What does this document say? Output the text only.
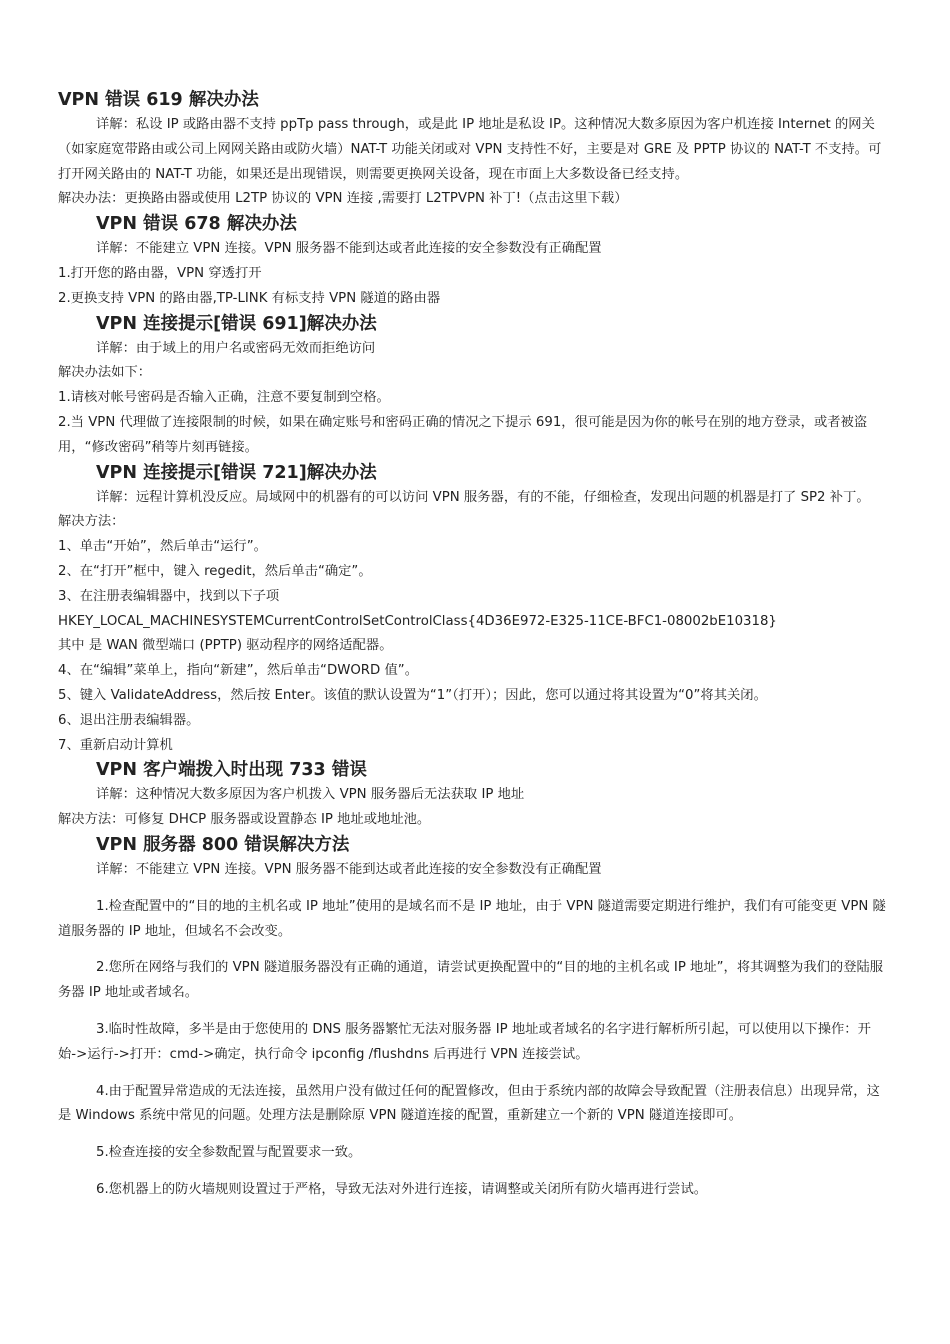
VPN 错误 619 解决办法

详解：私设 IP 或路由器不支持 ppTp pass through，或是此 IP 地址是私设 IP。这种情况大数多原因为客户机连接 Internet 的网关（如家庭宽带路由或公司上网网关路由或防火墙）NAT-T 功能关闭或对 VPN 支持性不好，主要是对 GRE 及 PPTP 协议的 NAT-T 不支持。可打开网关路由的 NAT-T 功能，如果还是出现错误，则需要更换网关设备，现在市面上大多数设备已经支持。

解决办法：更换路由器或使用 L2TP 协议的 VPN 连接 ,需要打 L2TPVPN 补丁!（点击这里下载）

VPN 错误 678 解决办法

详解：不能建立 VPN 连接。VPN 服务器不能到达或者此连接的安全参数没有正确配置

1.打开您的路由器，VPN 穿透打开

2.更换支持 VPN 的路由器,TP-LINK 有标支持 VPN 隧道的路由器

VPN 连接提示[错误 691]解决办法

详解：由于域上的用户名或密码无效而拒绝访问

解决办法如下：

1.请核对帐号密码是否输入正确，注意不要复制到空格。

2.当 VPN 代理做了连接限制的时候，如果在确定账号和密码正确的情况之下提示 691，很可能是因为你的帐号在别的地方登录，或者被盗用，“修改密码”稍等片刻再链接。

VPN 连接提示[错误 721]解决办法

详解：远程计算机没反应。局域网中的机器有的可以访问 VPN 服务器，有的不能，仔细检查，发现出问题的机器是打了 SP2 补丁。

解决方法：

1、单击“开始”，然后单击“运行”。

2、在“打开”框中，键入 regedit，然后单击“确定”。

3、在注册表编辑器中，找到以下子项

HKEY_LOCAL_MACHINESYSTEMCurrentControlSetControlClass{4D36E972-E325-11CE-BFC1-08002bE10318}

其中 是 WAN 微型端口 (PPTP) 驱动程序的网络适配器。

4、在“编辑”菜单上，指向“新建”，然后单击“DWORD 值”。

5、键入 ValidateAddress，然后按 Enter。该值的默认设置为“1”（打开）；因此，您可以通过将其设置为“0”将其关闭。

6、退出注册表编辑器。

7、重新启动计算机

VPN 客户端拨入时出现 733 错误

详解：这种情况大数多原因为客户机拨入 VPN 服务器后无法获取 IP 地址

解决方法：可修复 DHCP 服务器或设置静态 IP 地址或地址池。

VPN 服务器 800 错误解决方法

详解：不能建立 VPN 连接。VPN 服务器不能到达或者此连接的安全参数没有正确配置

1.检查配置中的“目的地的主机名或 IP 地址”使用的是域名而不是 IP 地址，由于 VPN 隧道需要定期进行维护，我们有可能变更 VPN 隧道服务器的 IP 地址，但域名不会改变。

2.您所在网络与我们的 VPN 隧道服务器没有正确的通道，请尝试更换配置中的“目的地的主机名或 IP 地址”，将其调整为我们的登陆服务器 IP 地址或者域名。

3.临时性故障，多半是由于您使用的 DNS 服务器繁忙无法对服务器 IP 地址或者域名的名字进行解析所引起，可以使用以下操作：开始->运行->打开：cmd->确定，执行命令 ipconfig /flushdns 后再进行 VPN 连接尝试。

4.由于配置异常造成的无法连接，虽然用户没有做过任何的配置修改，但由于系统内部的故障会导致配置（注册表信息）出现异常，这是 Windows 系统中常见的问题。处理方法是删除原 VPN 隧道连接的配置，重新建立一个新的 VPN 隧道连接即可。

5.检查连接的安全参数配置与配置要求一致。

6.您机器上的防火墙规则设置过于严格，导致无法对外进行连接，请调整或关闭所有防火墙再进行尝试。
